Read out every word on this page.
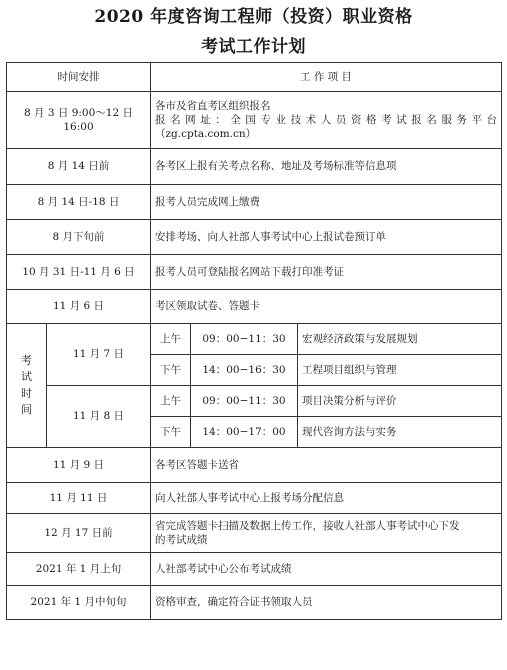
2020 年度咨询工程师（投资）职业资格
考试工作计划
时间安排		工 作 项 目		
8 月 3 日 9:00～12 日 16:00		各市及省直考区组织报名
报名网址：全国专业技术人员资格考试报名服务平台
（zg.cpta.com.cn）		

8 月 14 日前		各考区上报有关考点名称、地址及考场标准等信息项		
8 月 14 日-18 日		报考人员完成网上缴费		
8 月下旬前		安排考场、向人社部人事考试中心上报试卷预订单		
10 月 31 日-11 月 6 日		报考人员可登陆报名网站下载打印准考证		
11 月 6 日		考区领取试卷、答题卡		

考
试
时
间	11 月 7 日	上午	09：00−11：30	宏观经济政策与发展规划
		下午	14：00−16：30	工程项目组织与管理
	11 月 8 日	上午	09：00−11：30	项目决策分析与评价
		下午	14：00−17：00	现代咨询方法与实务
11 月 9 日		各考区答题卡送省		
11 月 11 日		向人社部人事考试中心上报考场分配信息		
12 月 17 日前		省完成答题卡扫描及数据上传工作，接收人社部人事考试中心下发
的考试成绩		

2021 年 1 月上旬		人社部考试中心公布考试成绩		
2021 年 1 月中旬旬		资格审查，确定符合证书领取人员		
